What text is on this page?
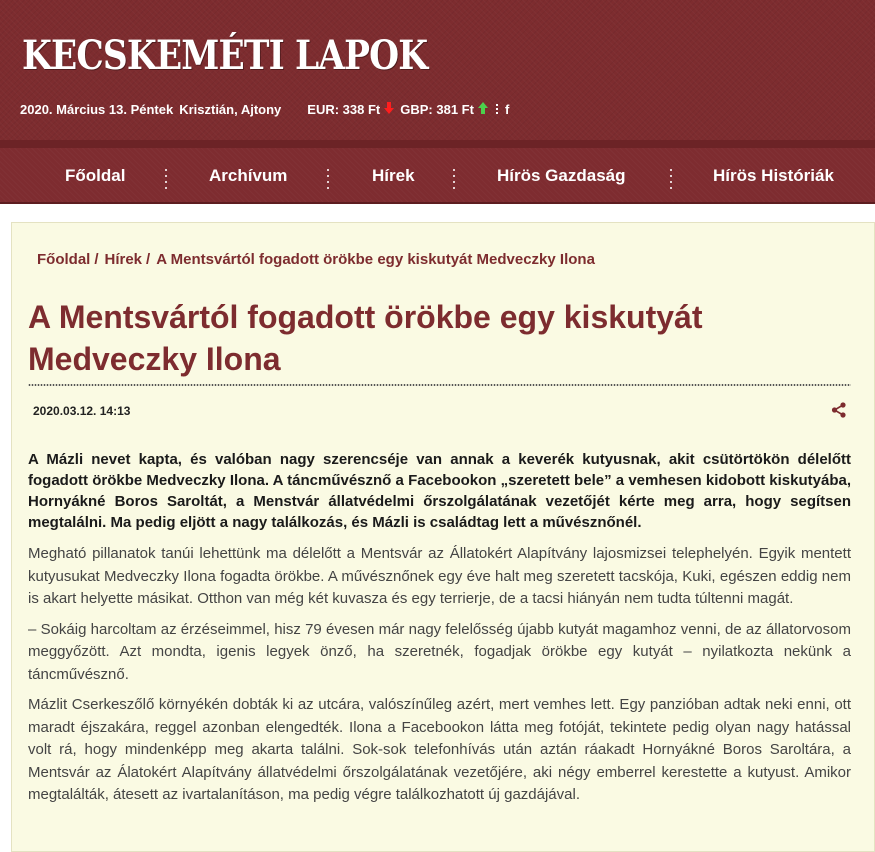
KECSKEMÉTI LAPOK
2020. Március 13. Péntek Krisztián, Ajtony EUR: 338 Ft GBP: 381 Ft f
Főoldal	Archívum	Hírek	Hírös Gazdaság	Hírös Históriák
Főoldal / Hírek / A Mentsvártól fogadott örökbe egy kiskutyát Medveczky Ilona
A Mentsvártól fogadott örökbe egy kiskutyát Medveczky Ilona
2020.03.12. 14:13

A Mázli nevet kapta, és valóban nagy szerencséje van annak a keverék kutyusnak, akit csütörtökön délelőtt fogadott örökbe Medveczky Ilona. A táncművésznő a Facebookon „szeretett bele” a vemhesen kidobott kiskutyába, Hornyákné Boros Saroltát, a Menstvár állatvédelmi őrszolgálatának vezetőjét kérte meg arra, hogy segítsen megtalálni. Ma pedig eljött a nagy találkozás, és Mázli is családtag lett a művésznőnél.

Megható pillanatok tanúi lehettünk ma délelőtt a Mentsvár az Állatokért Alapítvány lajosmizsei telephelyén. Egyik mentett kutyusukat Medveczky Ilona fogadta örökbe. A művésznőnek egy éve halt meg szeretett tacskója, Kuki, egészen eddig nem is akart helyette másikat. Otthon van még két kuvasza és egy terrierje, de a tacsi hiányán nem tudta túltenni magát.

– Sokáig harcoltam az érzéseimmel, hisz 79 évesen már nagy felelősség újabb kutyát magamhoz venni, de az állatorvosom meggyőzött. Azt mondta, igenis legyek önző, ha szeretnék, fogadjak örökbe egy kutyát – nyilatkozta nekünk a táncművésznő.

Mázlit Cserkeszőlő környékén dobták ki az utcára, valószínűleg azért, mert vemhes lett. Egy panzióban adtak neki enni, ott maradt éjszakára, reggel azonban elengedték. Ilona a Facebookon látta meg fotóját, tekintete pedig olyan nagy hatással volt rá, hogy mindenképp meg akarta találni. Sok-sok telefonhívás után aztán ráakadt Hornyákné Boros Saroltára, a Mentsvár az Álatokért Alapítvány állatvédelmi őrszolgálatának vezetőjére, aki négy emberrel kerestette a kutyust. Amikor megtalálták, átesett az ivartalanításon, ma pedig végre találkozhatott új gazdájával.
